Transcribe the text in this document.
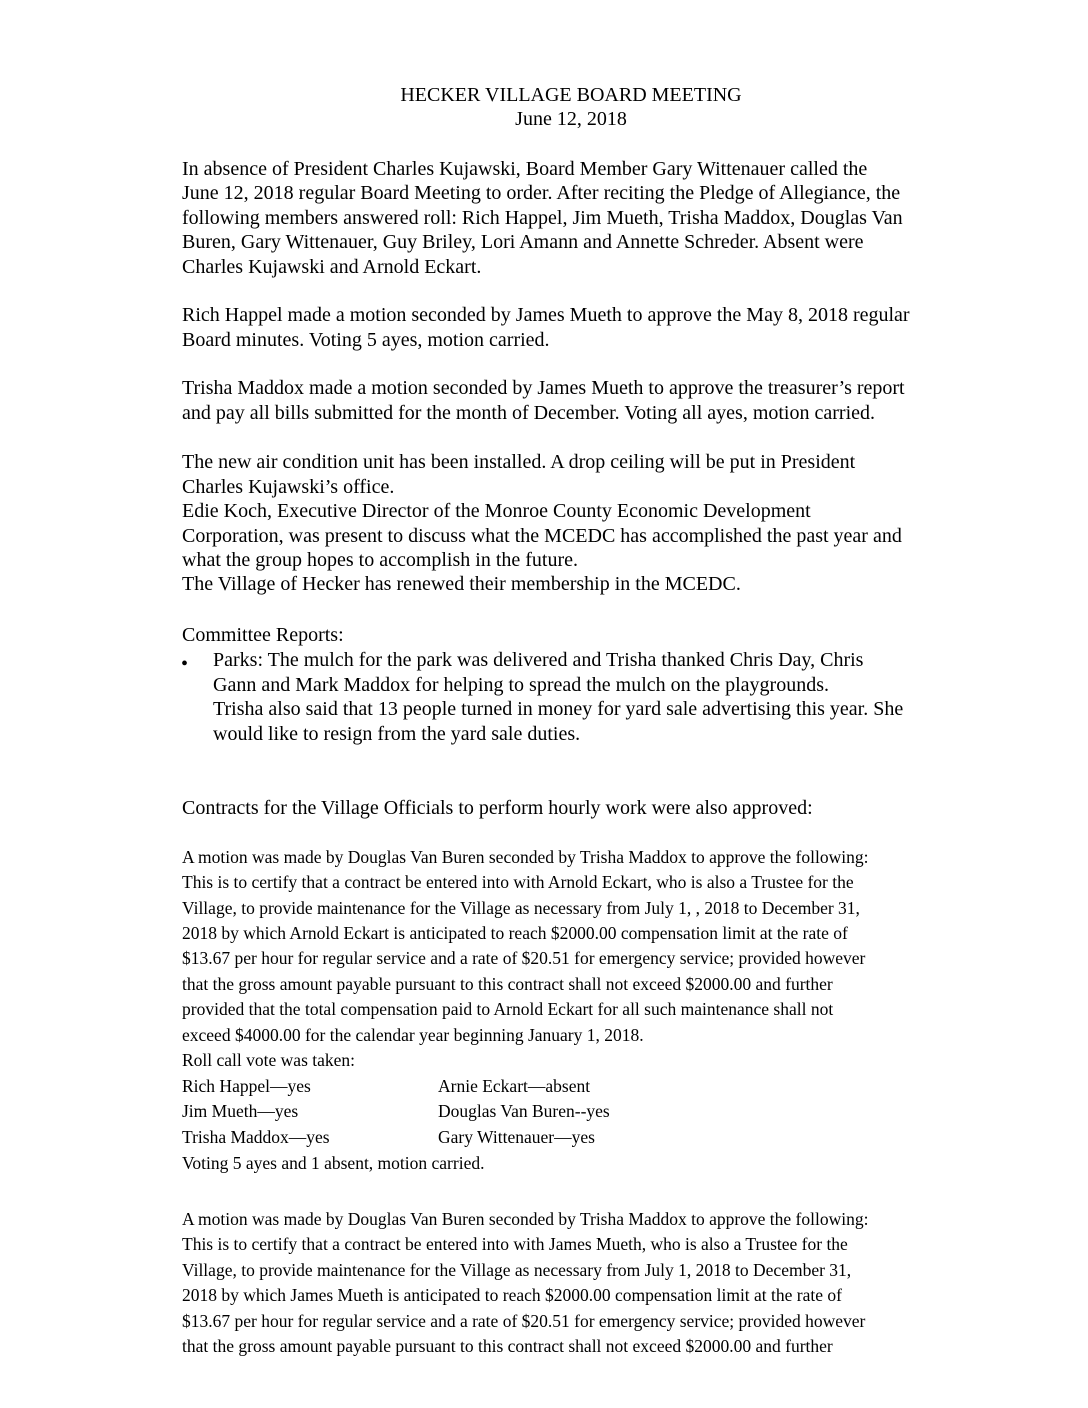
HECKER VILLAGE BOARD MEETING
June 12, 2018
In absence of President Charles Kujawski, Board Member Gary Wittenauer called the
June 12, 2018 regular Board Meeting to order. After reciting the Pledge of Allegiance, the
following members answered roll: Rich Happel, Jim Mueth, Trisha Maddox, Douglas Van
Buren, Gary Wittenauer, Guy Briley, Lori Amann and Annette Schreder. Absent were
Charles Kujawski and Arnold Eckart.
Rich Happel made a motion seconded by James Mueth to approve the May 8, 2018 regular
Board minutes. Voting 5 ayes, motion carried.
Trisha Maddox made a motion seconded by James Mueth to approve the treasurer’s report
and pay all bills submitted for the month of December. Voting all ayes, motion carried.
The new air condition unit has been installed. A drop ceiling will be put in President
Charles Kujawski’s office.
Edie Koch, Executive Director of the Monroe County Economic Development
Corporation, was present to discuss what the MCEDC has accomplished the past year and
what the group hopes to accomplish in the future.
The Village of Hecker has renewed their membership in the MCEDC.
Committee Reports:
• Parks: The mulch for the park was delivered and Trisha thanked Chris Day, Chris
Gann and Mark Maddox for helping to spread the mulch on the playgrounds.
Trisha also said that 13 people turned in money for yard sale advertising this year. She
would like to resign from the yard sale duties.
Contracts for the Village Officials to perform hourly work were also approved:
A motion was made by Douglas Van Buren seconded by Trisha Maddox to approve the following:
This is to certify that a contract be entered into with Arnold Eckart, who is also a Trustee for the
Village, to provide maintenance for the Village as necessary from July 1, , 2018 to December 31,
2018 by which Arnold Eckart is anticipated to reach $2000.00 compensation limit at the rate of
$13.67 per hour for regular service and a rate of $20.51 for emergency service; provided however
that the gross amount payable pursuant to this contract shall not exceed $2000.00 and further
provided that the total compensation paid to Arnold Eckart for all such maintenance shall not
exceed $4000.00 for the calendar year beginning January 1, 2018.
Roll call vote was taken:
Rich Happel—yes	Arnie Eckart—absent
Jim Mueth—yes	Douglas Van Buren--yes
Trisha Maddox—yes	Gary Wittenauer—yes
Voting 5 ayes and 1 absent, motion carried.
A motion was made by Douglas Van Buren seconded by Trisha Maddox to approve the following:
This is to certify that a contract be entered into with James Mueth, who is also a Trustee for the
Village, to provide maintenance for the Village as necessary from July 1, 2018 to December 31,
2018 by which James Mueth is anticipated to reach $2000.00 compensation limit at the rate of
$13.67 per hour for regular service and a rate of $20.51 for emergency service; provided however
that the gross amount payable pursuant to this contract shall not exceed $2000.00 and further
